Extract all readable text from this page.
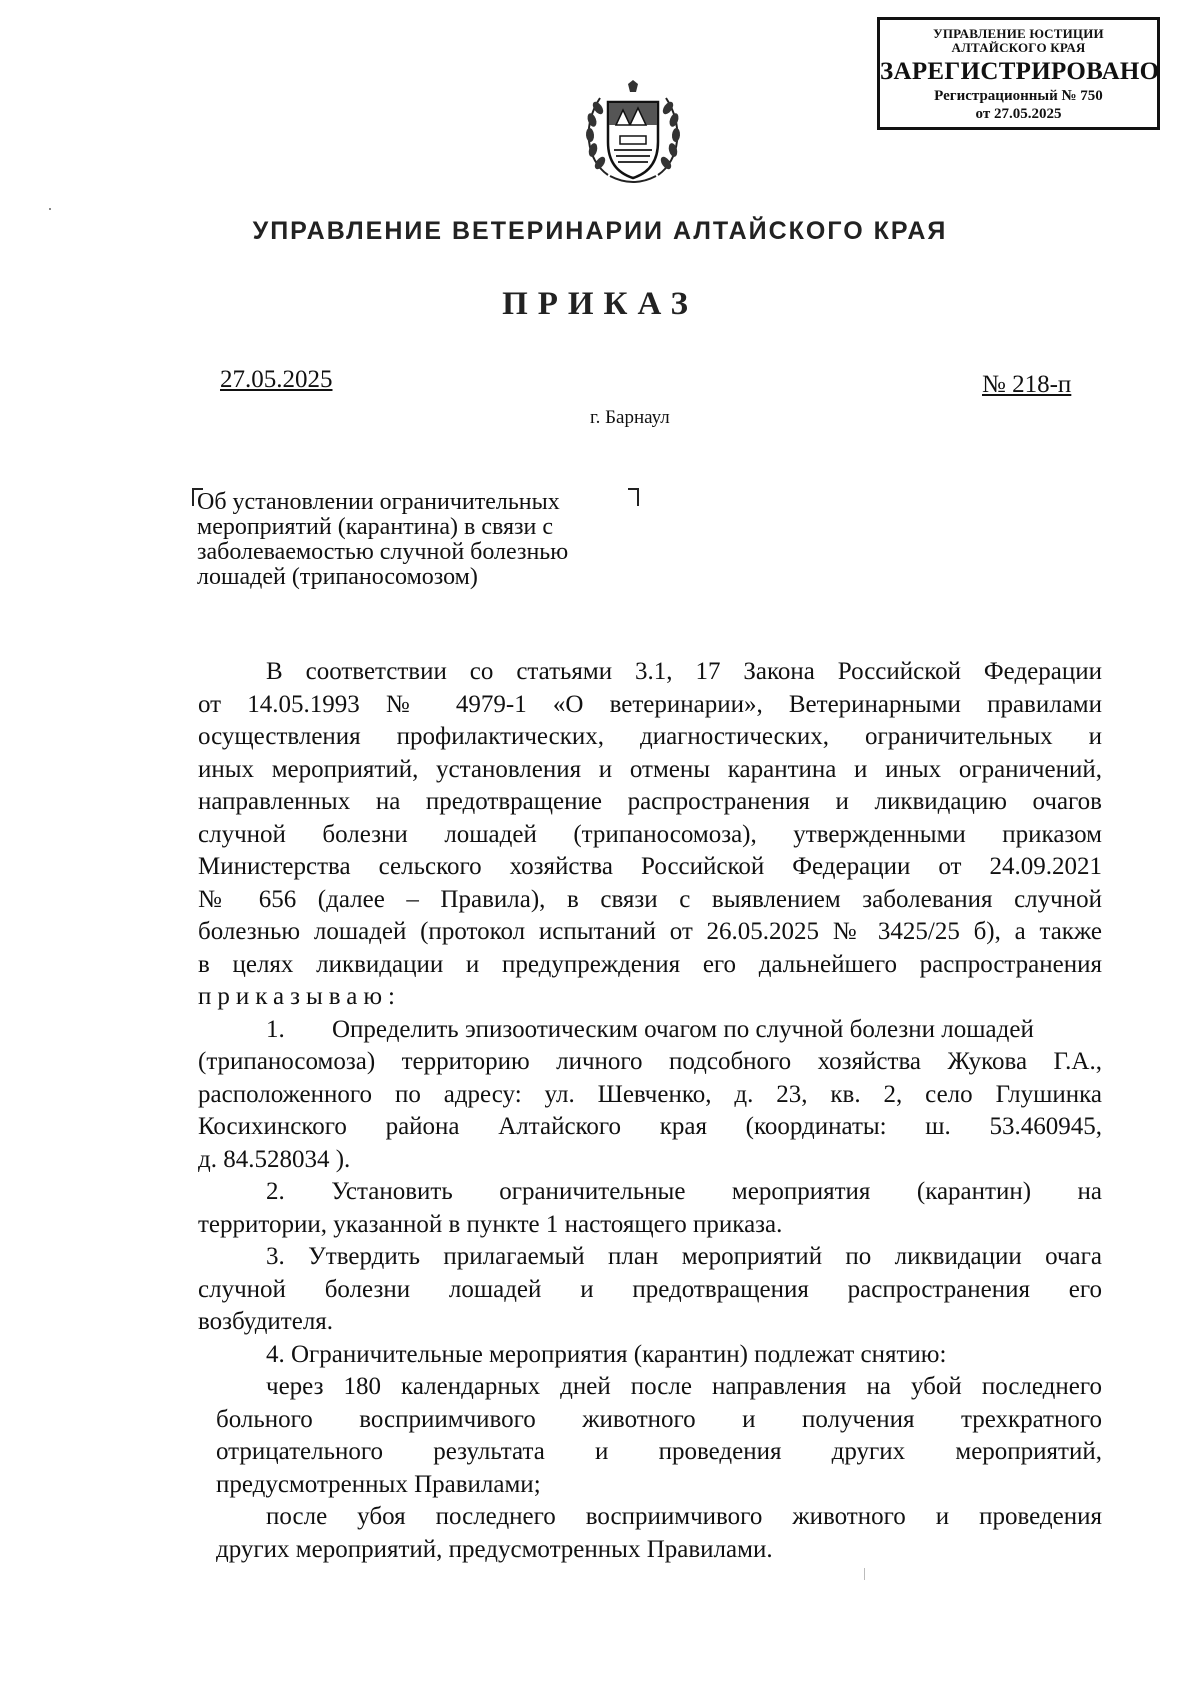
УПРАВЛЕНИЕ ЮСТИЦИИ
АЛТАЙСКОГО КРАЯ
ЗАРЕГИСТРИРОВАНО
Регистрационный № 750
от 27.05.2025
УПРАВЛЕНИЕ ВЕТЕРИНАРИИ АЛТАЙСКОГО КРАЯ
ПРИКАЗ
27.05.2025	№ 218-п
г. Барнаул
Об установлении ограничительных
мероприятий (карантина) в связи с
заболеваемостью случной болезнью
лошадей (трипаносомозом)
В соответствии со статьями 3.1, 17 Закона Российской Федерации
от 14.05.1993 № 4979-1 «О ветеринарии», Ветеринарными правилами
осуществления профилактических, диагностических, ограничительных и
иных мероприятий, установления и отмены карантина и иных ограничений,
направленных на предотвращение распространения и ликвидацию очагов
случной болезни лошадей (трипаносомоза), утвержденными приказом
Министерства сельского хозяйства Российской Федерации от 24.09.2021
№ 656 (далее – Правила), в связи с выявлением заболевания случной
болезнью лошадей (протокол испытаний от 26.05.2025 № 3425/25 б), а также
в целях ликвидации и предупреждения его дальнейшего распространения
приказываю:
1. Определить эпизоотическим очагом по случной болезни лошадей
(трипаносомоза) территорию личного подсобного хозяйства Жукова Г.А.,
расположенного по адресу: ул. Шевченко, д. 23, кв. 2, село Глушинка
Косихинского района Алтайского края (координаты: ш. 53.460945,
д. 84.528034 ).
2. Установить ограничительные мероприятия (карантин) на
территории, указанной в пункте 1 настоящего приказа.
3. Утвердить прилагаемый план мероприятий по ликвидации очага
случной болезни лошадей и предотвращения распространения его
возбудителя.
4. Ограничительные мероприятия (карантин) подлежат снятию:
через 180 календарных дней после направления на убой последнего
больного восприимчивого животного и получения трехкратного
отрицательного результата и проведения других мероприятий,
предусмотренных Правилами;
после убоя последнего восприимчивого животного и проведения
других мероприятий, предусмотренных Правилами.
